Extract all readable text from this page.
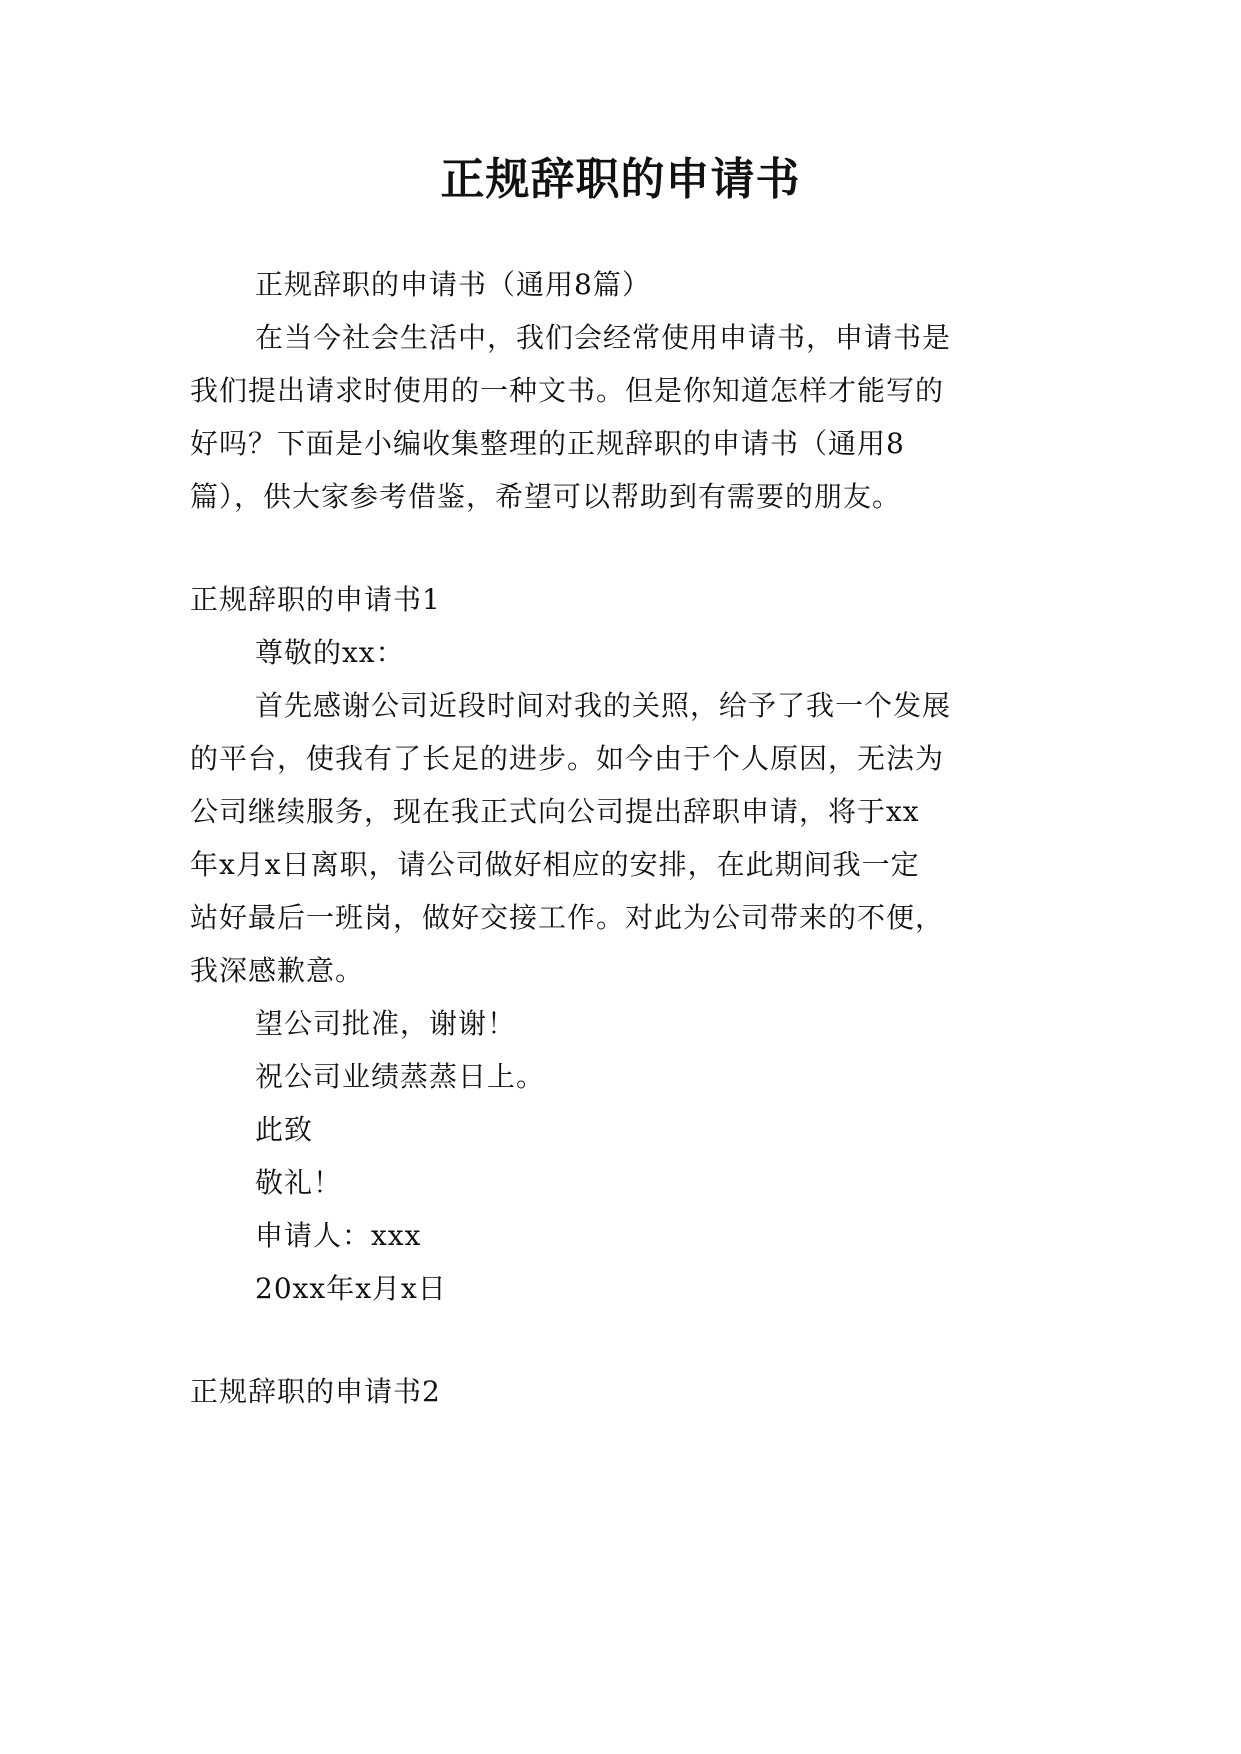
正规辞职的申请书
正规辞职的申请书（通用8篇）
在当今社会生活中，我们会经常使用申请书，申请书是
我们提出请求时使用的一种文书。但是你知道怎样才能写的
好吗？下面是小编收集整理的正规辞职的申请书（通用8
篇），供大家参考借鉴，希望可以帮助到有需要的朋友。
正规辞职的申请书1
尊敬的xx：
首先感谢公司近段时间对我的关照，给予了我一个发展
的平台，使我有了长足的进步。如今由于个人原因，无法为
公司继续服务，现在我正式向公司提出辞职申请，将于xx
年x月x日离职，请公司做好相应的安排，在此期间我一定
站好最后一班岗，做好交接工作。对此为公司带来的不便，
我深感歉意。
望公司批准，谢谢！
祝公司业绩蒸蒸日上。
此致
敬礼！
申请人：xxx
20xx年x月x日
正规辞职的申请书2
